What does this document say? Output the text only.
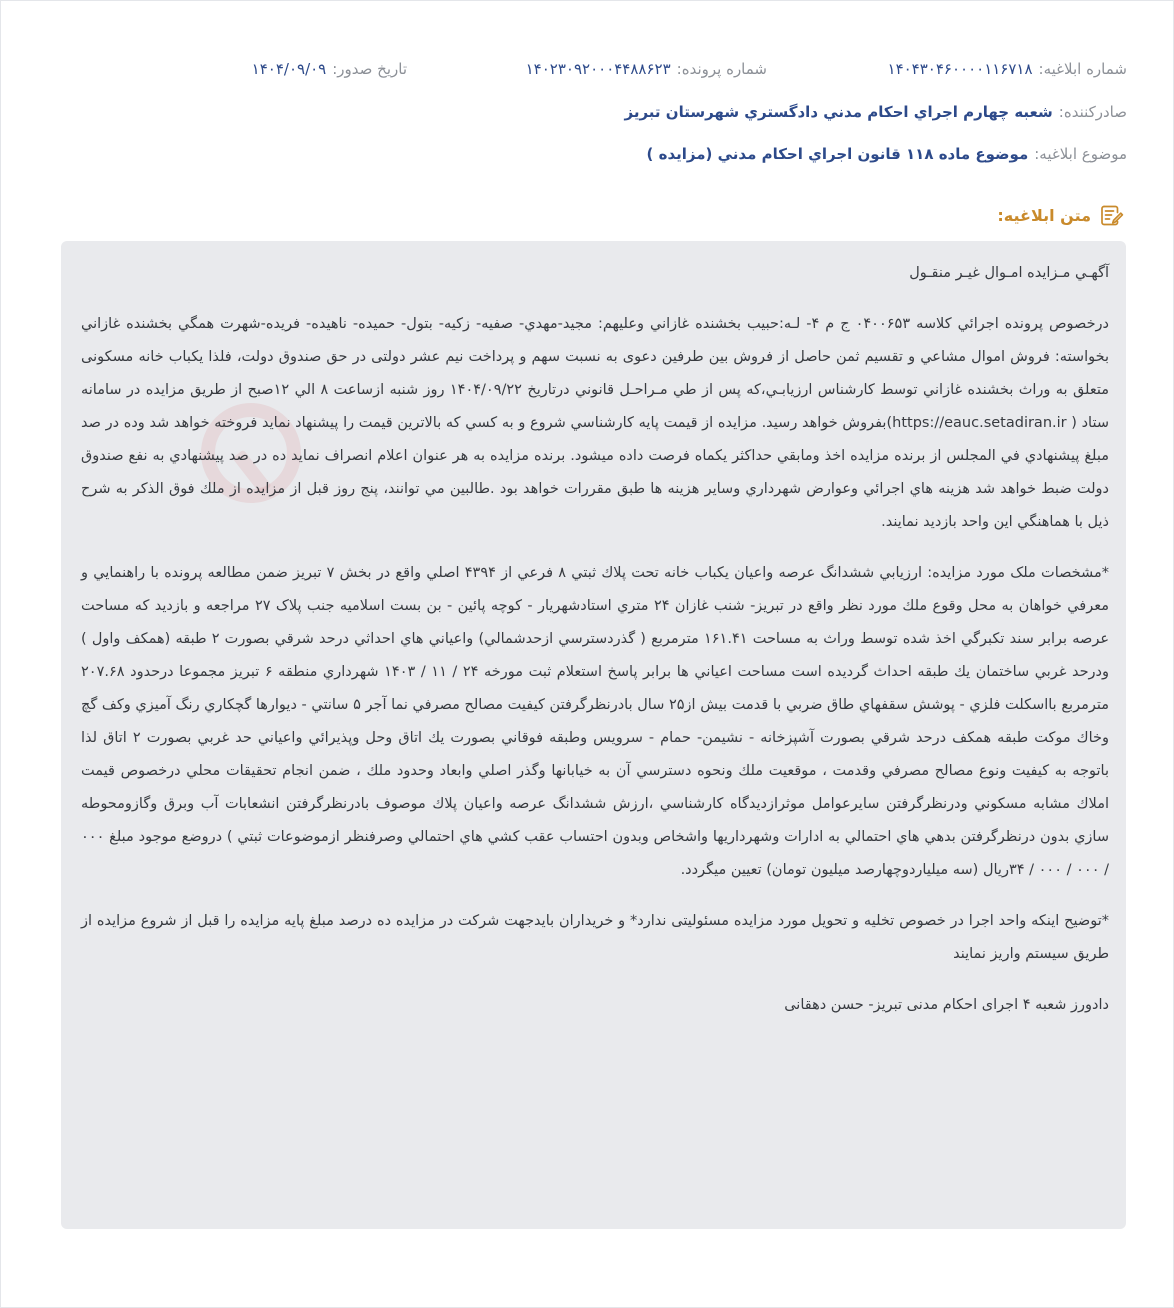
شماره ابلاغيه:
۱۴۰۴۳۰۴۶۰۰۰۰۱۱۶۷۱۸
شماره پرونده:
۱۴۰۲۳۰۹۲۰۰۰۴۴۸۸۶۲۳
تاريخ صدور:
۱۴۰۴/۰۹/۰۹
صادرکننده:
شعبه چهارم اجراي احكام مدني دادگستري شهرستان تبريز
موضوع ابلاغيه:
موضوع ماده ۱۱۸ قانون اجراي احكام مدني (مزايده )
متن ابلاغيه:

آگهـي مـزايده امـوال غيـر منقـول

درخصوص پرونده اجرائي کلاسه ۰۴۰۰۶۵۳ ج م ۴- لـه:حبيب بخشنده غازاني وعليهم: مجيد-مهدي- صفيه- زکيه- بتول- حميده- ناهيده- فريده-شهرت همگي بخشنده غازاني بخواسته: فروش اموال مشاعي و تقسيم ثمن حاصل از فروش بين طرفين دعوی به نسبت سهم و پرداخت نيم عشر دولتی در حق صندوق دولت، فلذا يکباب خانه مسکونی متعلق به وراث بخشنده غازاني توسط کارشناس ارزيابـي،که پس از طي مـراحـل قانوني درتاريخ ۱۴۰۴/۰۹/۲۲ روز شنبه ازساعت ۸ الي ۱۲صبح از طريق مزايده در سامانه ستاد ( https://eauc.setadiran.ir)بفروش خواهد رسيد. مزايده از قيمت پايه کارشناسي شروع و به کسي که بالاترين قيمت را پيشنهاد نمايد فروخته خواهد شد وده در صد مبلغ پيشنهادي في المجلس از برنده مزايده اخذ ومابقي حداکثر يکماه فرصت داده ميشود. برنده مزايده به هر عنوان اعلام انصراف نمايد ده در صد پيشنهادي به نفع صندوق دولت ضبط خواهد شد هزينه هاي اجرائي وعوارض شهرداري وساير هزينه ها طبق مقررات خواهد بود .طالبين مي توانند، پنج روز قبل از مزايده از ملك فوق الذکر به شرح ذيل با هماهنگي اين واحد بازديد نمايند.

*مشخصات ملک مورد مزايده: ارزيابي ششدانگ عرصه واعيان يکباب خانه تحت پلاك ثبتي ۸ فرعي از ۴۳۹۴ اصلي واقع در بخش ۷ تبريز ضمن مطالعه پرونده با راهنمايي و معرفي خواهان به محل وقوع ملك مورد نظر واقع در تبريز- شنب غازان ۲۴ متري استادشهريار - کوچه پائين - بن بست اسلاميه جنب پلاک ۲۷ مراجعه و بازديد که مساحت عرصه برابر سند تکبرگي اخذ شده توسط وراث به مساحت ۱۶۱.۴۱ مترمربع ( گذردسترسي ازحدشمالي) واعياني هاي احداثي درحد شرقي بصورت ۲ طبقه (همکف واول ) ودرحد غربي ساختمان يك طبقه احداث گرديده است مساحت اعياني ها برابر پاسخ استعلام ثبت مورخه ۲۴ / ۱۱ / ۱۴۰۳ شهرداري منطقه ۶ تبريز مجموعا درحدود ۲۰۷.۶۸ مترمربع بااسکلت فلزي - پوشش سقفهاي طاق ضربي با قدمت بيش از۲۵ سال بادرنظرگرفتن کيفيت مصالح مصرفي نما آجر ۵ سانتي - ديوارها گچکاري رنگ آميزي وکف گچ وخاك موکت طبقه همکف درحد شرقي بصورت آشپزخانه - نشيمن- حمام - سرويس وطبقه فوقاني بصورت يك اتاق وحل وپذيرائي واعياني حد غربي بصورت ۲ اتاق لذا باتوجه به کيفيت ونوع مصالح مصرفي وقدمت ، موقعيت ملك ونحوه دسترسي آن به خيابانها وگذر اصلي وابعاد وحدود ملك ، ضمن انجام تحقيقات محلي درخصوص قيمت املاك مشابه مسکوني ودرنظرگرفتن سايرعوامل موثرازديدگاه کارشناسي ،ارزش ششدانگ عرصه واعيان پلاك موصوف بادرنظرگرفتن انشعابات آب وبرق وگازومحوطه سازي بدون درنظرگرفتن بدهي هاي احتمالي به ادارات وشهرداريها واشخاص وبدون احتساب عقب کشي هاي احتمالي وصرفنظر ازموضوعات ثبتي ) دروضع موجود مبلغ ۰۰۰ / ۰۰۰ / ۰۰۰ / ۳۴ريال (سه ميلياردوچهارصد ميليون تومان) تعيين ميگردد.

*توضيح اينکه واحد اجرا در خصوص تخليه و تحويل مورد مزايده مسئوليتی ندارد* و خريداران بايدجهت شرکت در مزايده ده درصد مبلغ پايه مزايده را قبل از شروع مزايده از طريق سيستم واريز نمايند

دادورز شعبه ۴ اجرای احکام مدنی تبريز- حسن دهقانی
